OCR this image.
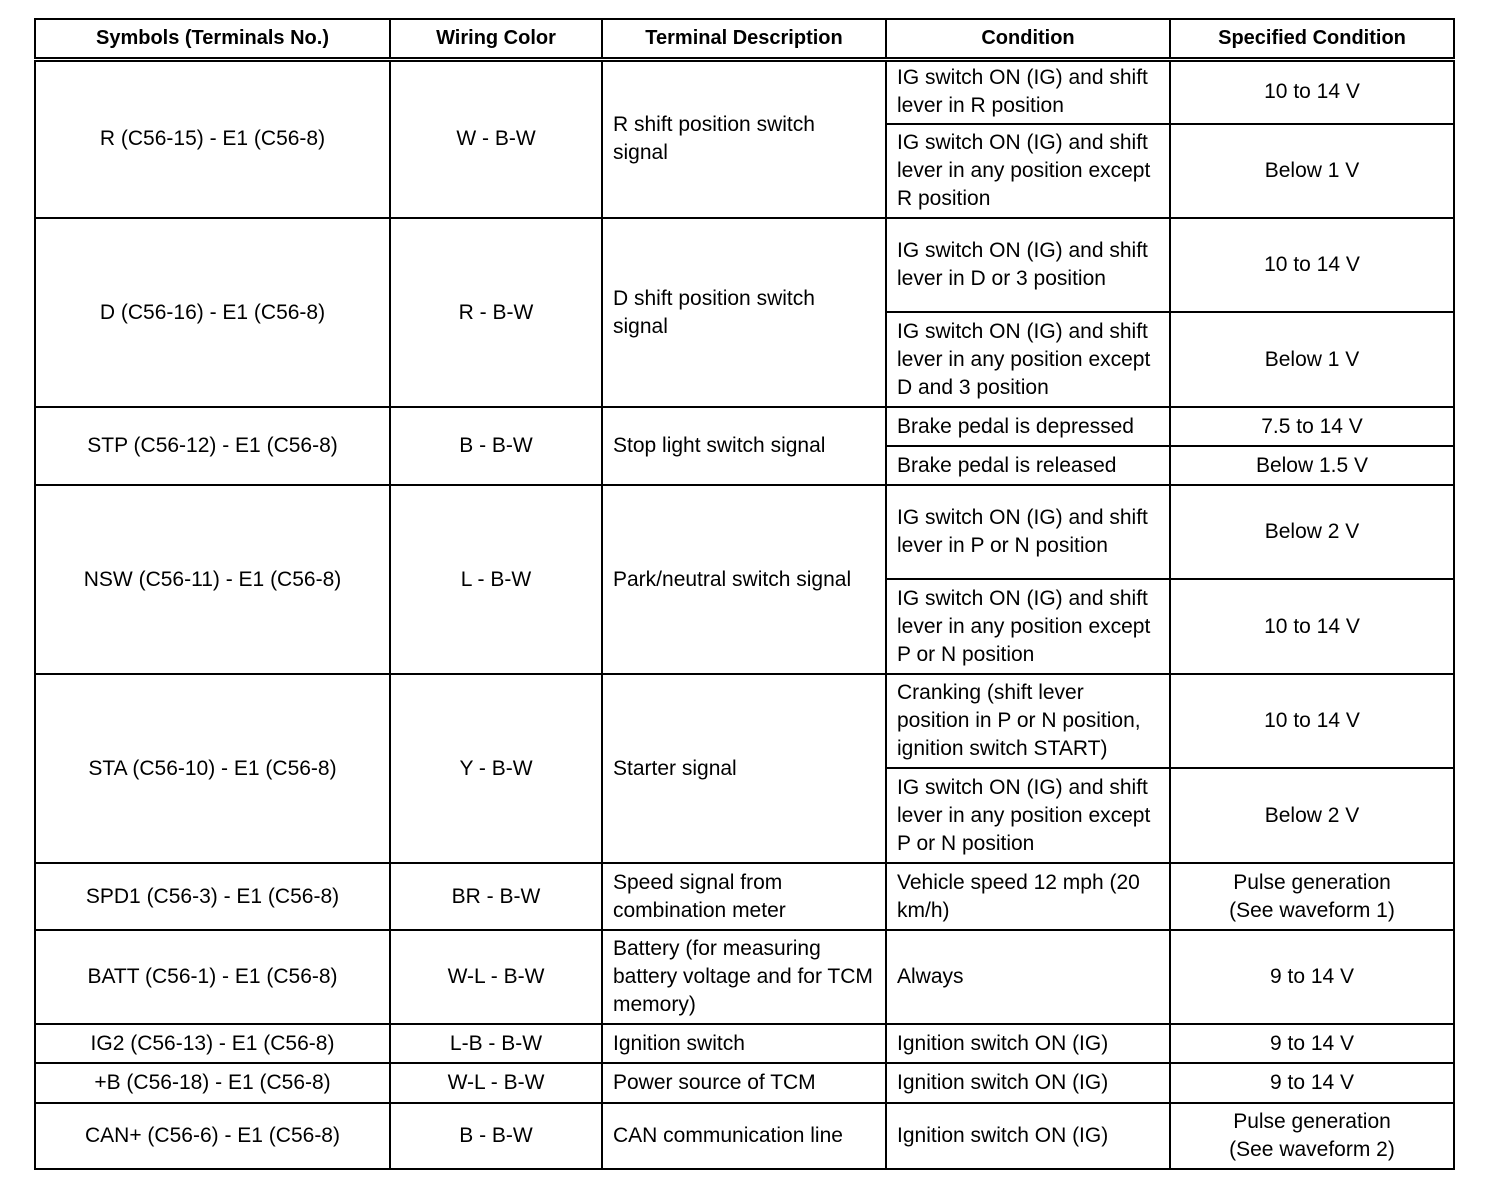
Symbols (Terminals No.)	Wiring Color	Terminal Description	Condition	Specified Condition
R (C56-15) - E1 (C56-8)	W - B-W	R shift position switch signal	IG switch ON (IG) and shift lever in R position	10 to 14 V
			IG switch ON (IG) and shift lever in any position except R position	Below 1 V
D (C56-16) - E1 (C56-8)	R - B-W	D shift position switch signal	IG switch ON (IG) and shift lever in D or 3 position	10 to 14 V
			IG switch ON (IG) and shift lever in any position except D and 3 position	Below 1 V
STP (C56-12) - E1 (C56-8)	B - B-W	Stop light switch signal	Brake pedal is depressed	7.5 to 14 V
			Brake pedal is released	Below 1.5 V
NSW (C56-11) - E1 (C56-8)	L - B-W	Park/neutral switch signal	IG switch ON (IG) and shift lever in P or N position	Below 2 V
			IG switch ON (IG) and shift lever in any position except P or N position	10 to 14 V
STA (C56-10) - E1 (C56-8)	Y - B-W	Starter signal	Cranking (shift lever position in P or N position, ignition switch START)	10 to 14 V
			IG switch ON (IG) and shift lever in any position except P or N position	Below 2 V
SPD1 (C56-3) - E1 (C56-8)	BR - B-W	Speed signal from combination meter	Vehicle speed 12 mph (20 km/h)	Pulse generation
(See waveform 1)
BATT (C56-1) - E1 (C56-8)	W-L - B-W	Battery (for measuring battery voltage and for TCM memory)	Always	9 to 14 V
IG2 (C56-13) - E1 (C56-8)	L-B - B-W	Ignition switch	Ignition switch ON (IG)	9 to 14 V
+B (C56-18) - E1 (C56-8)	W-L - B-W	Power source of TCM	Ignition switch ON (IG)	9 to 14 V
CAN+ (C56-6) - E1 (C56-8)	B - B-W	CAN communication line	Ignition switch ON (IG)	Pulse generation
(See waveform 2)
